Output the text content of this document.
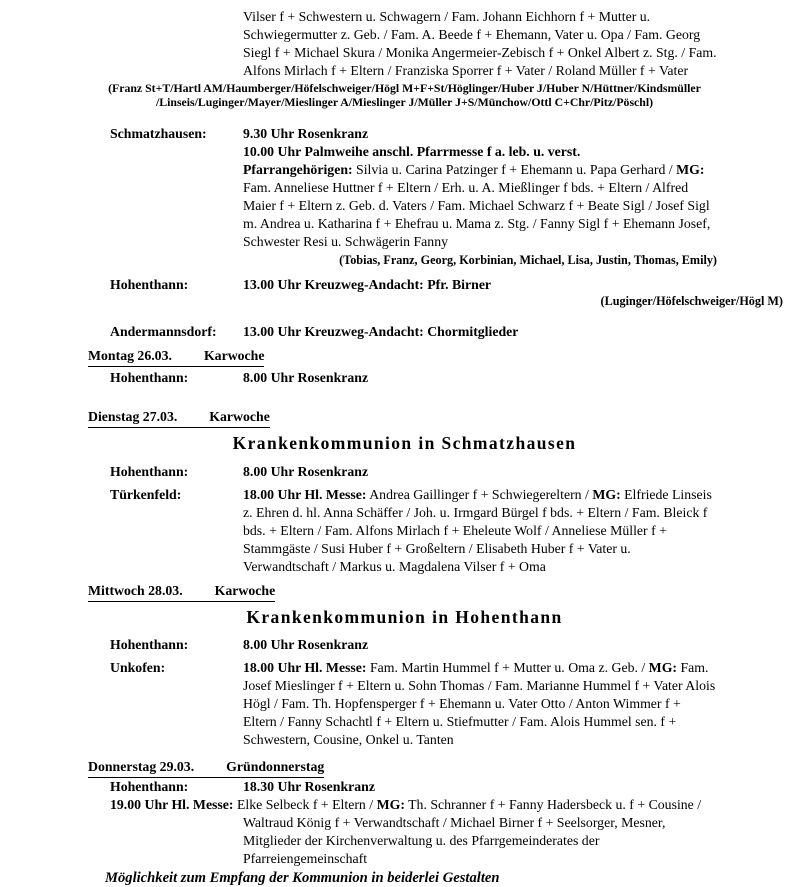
Vilser f + Schwestern u. Schwagern / Fam. Johann Eichhorn f + Mutter u. Schwiegermutter z. Geb. / Fam. A. Beede f + Ehemann, Vater u. Opa / Fam. Georg Siegl f + Michael Skura / Monika Angermeier-Zebisch f + Onkel Albert z. Stg. / Fam. Alfons Mirlach f + Eltern / Franziska Sporrer f + Vater / Roland Müller f + Vater
(Franz St+T/Hartl AM/Haumberger/Höfelschweiger/Högl M+F+St/Höglinger/Huber J/Huber N/Hüttner/Kindsmüller
/Linseis/Luginger/Mayer/Mieslinger A/Mieslinger J/Müller J+S/Münchow/Ottl C+Chr/Pitz/Pöschl)
Schmatzhausen:	9.30 Uhr Rosenkranz
10.00 Uhr Palmweihe anschl. Pfarrmesse f a. leb. u. verst.
Pfarrangehörigen: Silvia u. Carina Patzinger f + Ehemann u. Papa Gerhard / MG: Fam. Anneliese Huttner f + Eltern / Erh. u. A. Mießlinger f bds. + Eltern / Alfred Maier f + Eltern z. Geb. d. Vaters / Fam. Michael Schwarz f + Beate Sigl / Josef Sigl m. Andrea u. Katharina f + Ehefrau u. Mama z. Stg. / Fanny Sigl f + Ehemann Josef, Schwester Resi u. Schwägerin Fanny
(Tobias, Franz, Georg, Korbinian, Michael, Lisa, Justin, Thomas, Emily)
Hohenthann:	13.00 Uhr Kreuzweg-Andacht: Pfr. Birner
(Luginger/Höfelschweiger/Högl M)
Andermannsdorf:	13.00 Uhr Kreuzweg-Andacht: Chormitglieder
Montag 26.03. Karwoche
Hohenthann:	8.00 Uhr Rosenkranz
Dienstag 27.03. Karwoche
Krankenkommunion in Schmatzhausen
Hohenthann:	8.00 Uhr Rosenkranz
Türkenfeld:	18.00 Uhr Hl. Messe: Andrea Gaillinger f + Schwiegereltern / MG: Elfriede Linseis z. Ehren d. hl. Anna Schäffer / Joh. u. Irmgard Bürgel f bds. + Eltern / Fam. Bleick f bds. + Eltern / Fam. Alfons Mirlach f + Eheleute Wolf / Anneliese Müller f + Stammgäste / Susi Huber f + Großeltern / Elisabeth Huber f + Vater u. Verwandtschaft / Markus u. Magdalena Vilser f + Oma
Mittwoch 28.03. Karwoche
Krankenkommunion in Hohenthann
Hohenthann:	8.00 Uhr Rosenkranz
Unkofen:	18.00 Uhr Hl. Messe: Fam. Martin Hummel f + Mutter u. Oma z. Geb. / MG: Fam. Josef Mieslinger f + Eltern u. Sohn Thomas / Fam. Marianne Hummel f + Vater Alois Högl / Fam. Th. Hopfensperger f + Ehemann u. Vater Otto / Anton Wimmer f + Eltern / Fanny Schachtl f + Eltern u. Stiefmutter / Fam. Alois Hummel sen. f + Schwestern, Cousine, Onkel u. Tanten
Donnerstag 29.03. Gründonnerstag
Hohenthann:	18.30 Uhr Rosenkranz
19.00 Uhr Hl. Messe: Elke Selbeck f + Eltern / MG: Th. Schranner f + Fanny Hadersbeck u. f + Cousine / Waltraud König f + Verwandtschaft / Michael Birner f + Seelsorger, Mesner, Mitglieder der Kirchenverwaltung u. des Pfarrgemeinderates der Pfarreiengemeinschaft
Möglichkeit zum Empfang der Kommunion in beiderlei Gestalten
